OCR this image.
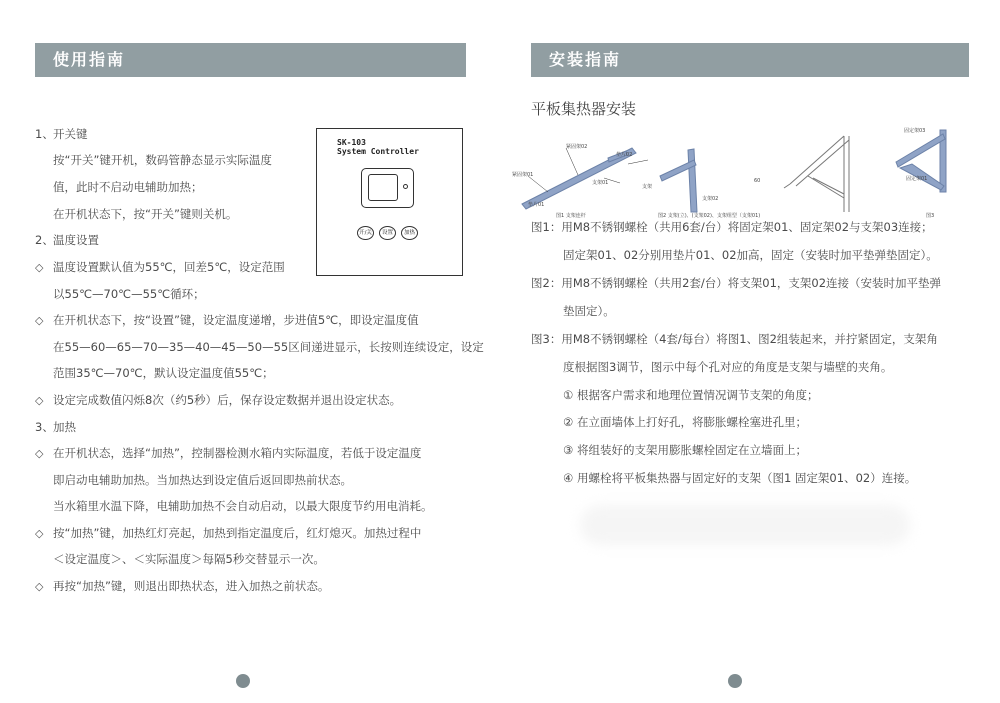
使用指南
1、开关键
按“开关”键开机，数码管静态显示实际温度
值，此时不启动电辅助加热；
在开机状态下，按“开关”键则关机。
2、温度设置
◇ 温度设置默认值为55℃，回差5℃，设定范围
以55℃—70℃—55℃循环；
◇ 在开机状态下，按“设置”键，设定温度递增，步进值5℃，即设定温度值
在55—60—65—70—35—40—45—50—55区间递进显示，长按则连续设定，设定
范围35℃—70℃，默认设定温度值55℃；
◇ 设定完成数值闪烁8次（约5秒）后，保存设定数据并退出设定状态。
3、加热
◇ 在开机状态，选择“加热”，控制器检测水箱内实际温度，若低于设定温度
即启动电辅助加热。当加热达到设定值后返回即热前状态。
当水箱里水温下降，电辅助加热不会自动启动，以最大限度节约用电消耗。
◇ 按“加热”键，加热红灯亮起，加热到指定温度后，红灯熄灭。加热过程中
＜设定温度＞、＜实际温度＞每隔5秒交替显示一次。
◇ 再按“加热”键，则退出即热状态，进入加热之前状态。
SK-103
System Controller
开/关	设置	加热
安装指南
平板集热器安装
图1 支架连杆	图2 支架(立)、(支架02)、支架组型（支架01)	图3
紧固架02
紧固架01
垫片02
垫片01
支架01
支架
支架02
60
固定架03
固定架01
图1：用M8不锈钢螺栓（共用6套/台）将固定架01、固定架02与支架03连接；
固定架01、02分别用垫片01、02加高，固定（安装时加平垫弹垫固定）。
图2：用M8不锈钢螺栓（共用2套/台）将支架01，支架02连接（安装时加平垫弹
垫固定）。
图3：用M8不锈钢螺栓（4套/每台）将图1、图2组装起来，并拧紧固定，支架角
度根据图3调节，图示中每个孔对应的角度是支架与墙壁的夹角。
① 根据客户需求和地理位置情况调节支架的角度；
② 在立面墙体上打好孔，将膨胀螺栓塞进孔里；
③ 将组装好的支架用膨胀螺栓固定在立墙面上；
④ 用螺栓将平板集热器与固定好的支架（图1 固定架01、02）连接。
